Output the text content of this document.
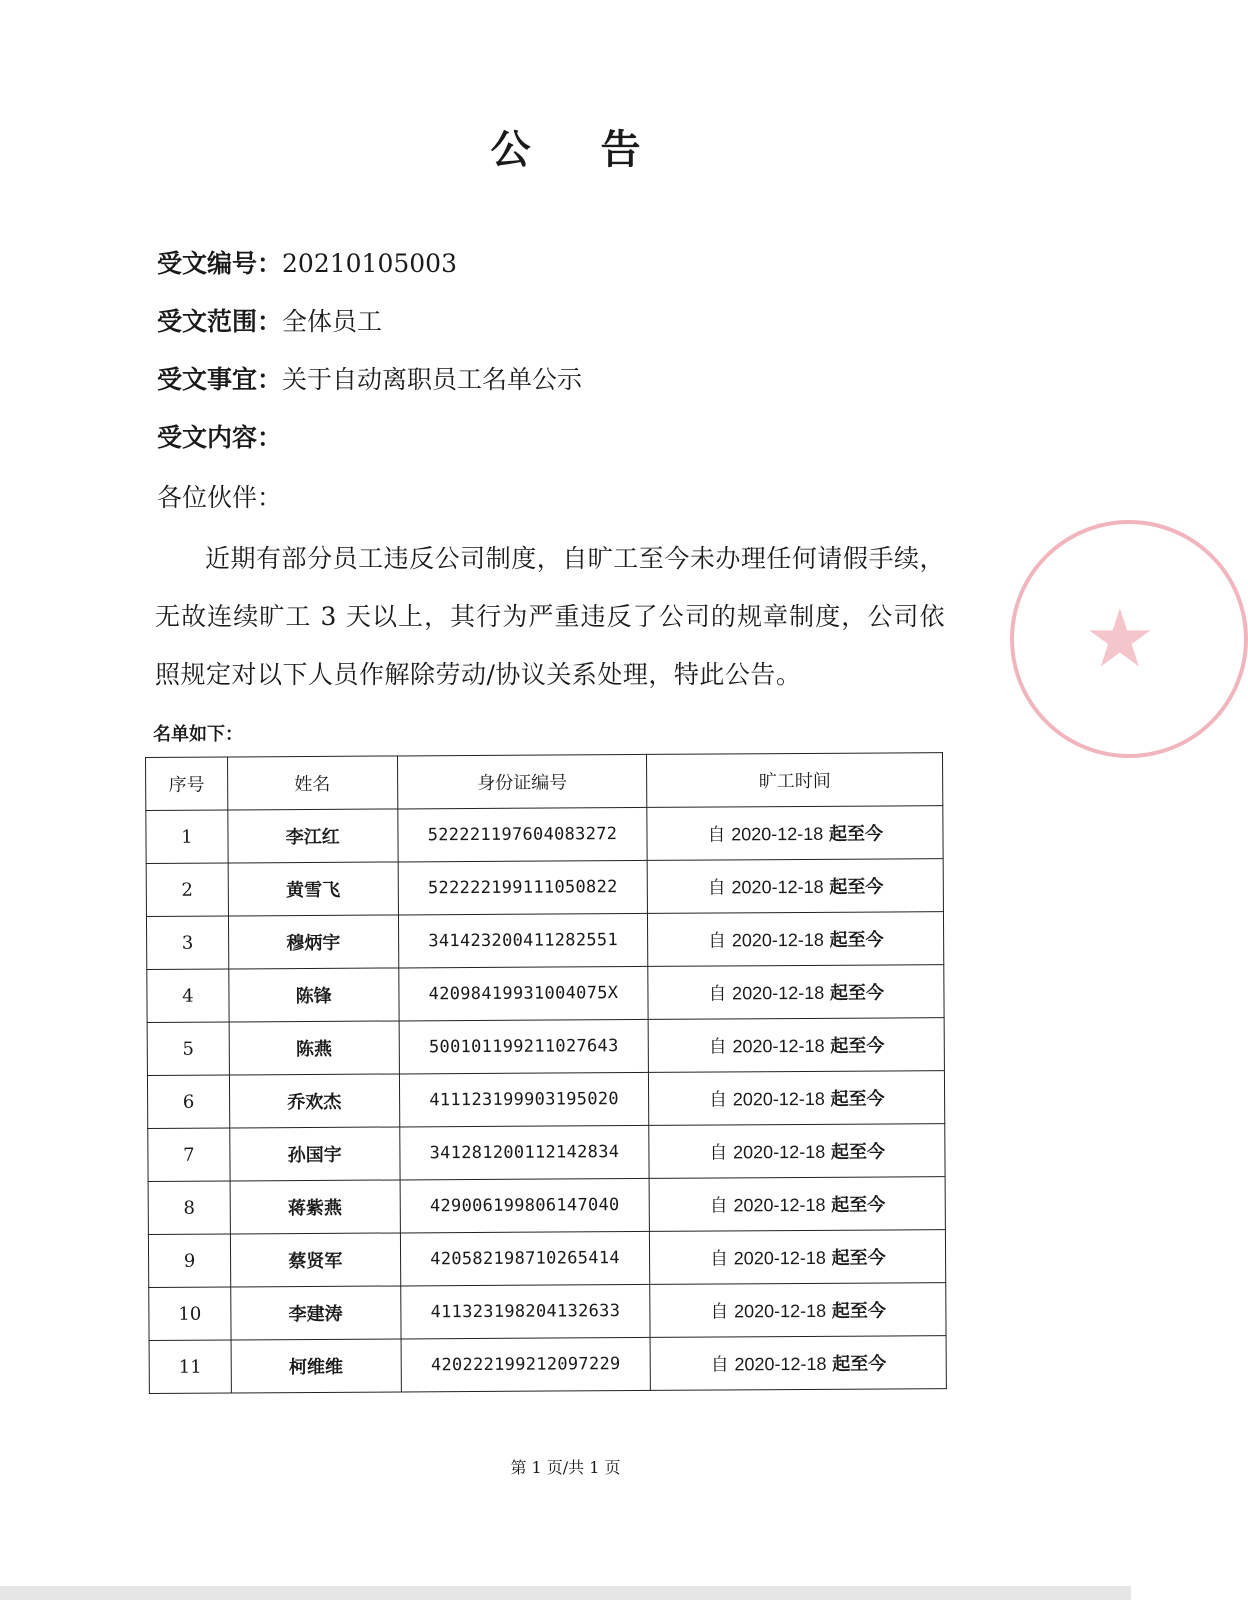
公 告
受文编号：20210105003
受文范围：全体员工
受文事宜：关于自动离职员工名单公示
受文内容：
各位伙伴：
近期有部分员工违反公司制度，自旷工至今未办理任何请假手续，无故连续旷工 3 天以上，其行为严重违反了公司的规章制度，公司依照规定对以下人员作解除劳动/协议关系处理，特此公告。
名单如下：
序号	姓名	身份证编号	旷工时间
1	李江红	522221197604083272	自 2020-12-18 起至今
2	黄雪飞	522222199111050822	自 2020-12-18 起至今
3	穆炳宇	341423200411282551	自 2020-12-18 起至今
4	陈锋	42098419931004075X	自 2020-12-18 起至今
5	陈燕	500101199211027643	自 2020-12-18 起至今
6	乔欢杰	411123199903195020	自 2020-12-18 起至今
7	孙国宇	341281200112142834	自 2020-12-18 起至今
8	蒋紫燕	429006199806147040	自 2020-12-18 起至今
9	蔡贤军	420582198710265414	自 2020-12-18 起至今
10	李建涛	411323198204132633	自 2020-12-18 起至今
11	柯维维	420222199212097229	自 2020-12-18 起至今
第 1 页/共 1 页
★
